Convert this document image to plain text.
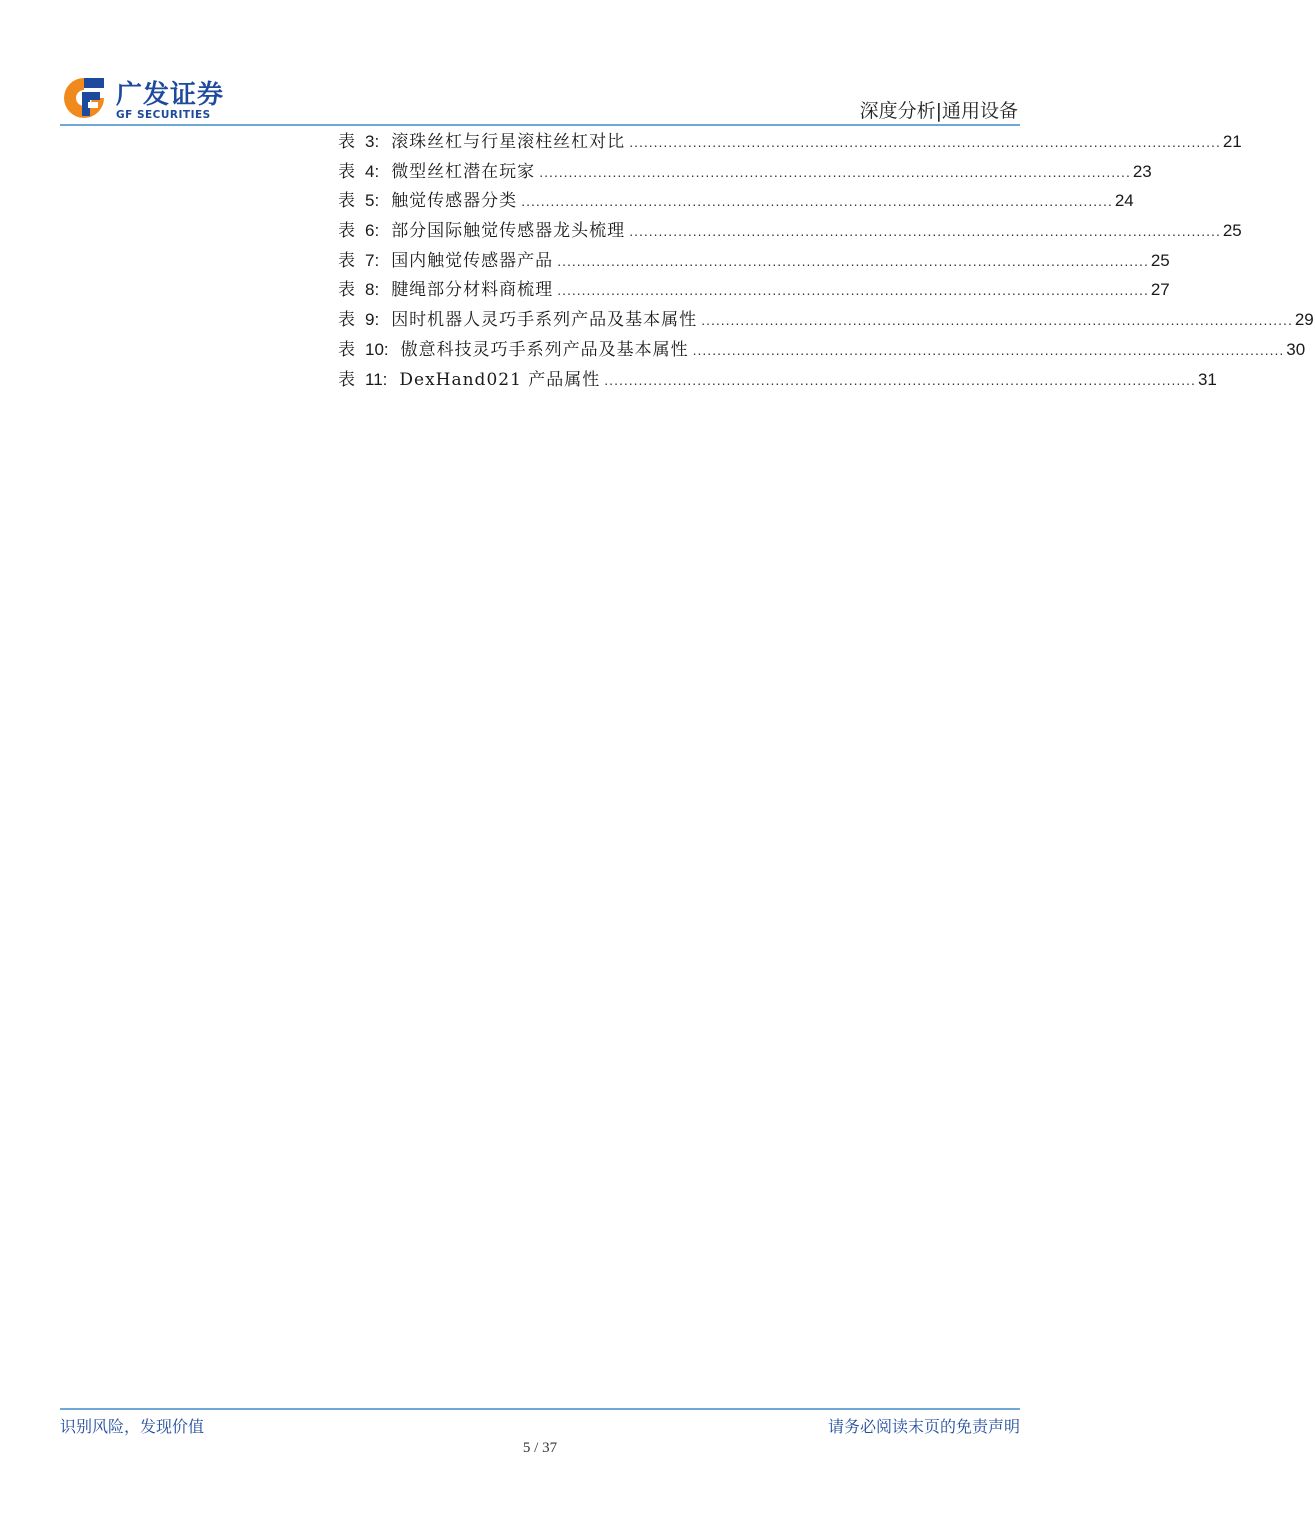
广发证券
GF SECURITIES	深度分析|通用设备
表 3: 滚珠丝杠与行星滚柱丝杠对比 ......................................................................................................................... 21
表 4: 微型丝杠潜在玩家 ......................................................................................................................... 23
表 5: 触觉传感器分类 ......................................................................................................................... 24
表 6: 部分国际触觉传感器龙头梳理 ......................................................................................................................... 25
表 7: 国内触觉传感器产品 ......................................................................................................................... 25
表 8: 腱绳部分材料商梳理 ......................................................................................................................... 27
表 9: 因时机器人灵巧手系列产品及基本属性 ......................................................................................................................... 29
表 10: 傲意科技灵巧手系列产品及基本属性 ......................................................................................................................... 30
表 11: DexHand021 产品属性 ......................................................................................................................... 31
识别风险，发现价值	请务必阅读末页的免责声明
5 / 37
